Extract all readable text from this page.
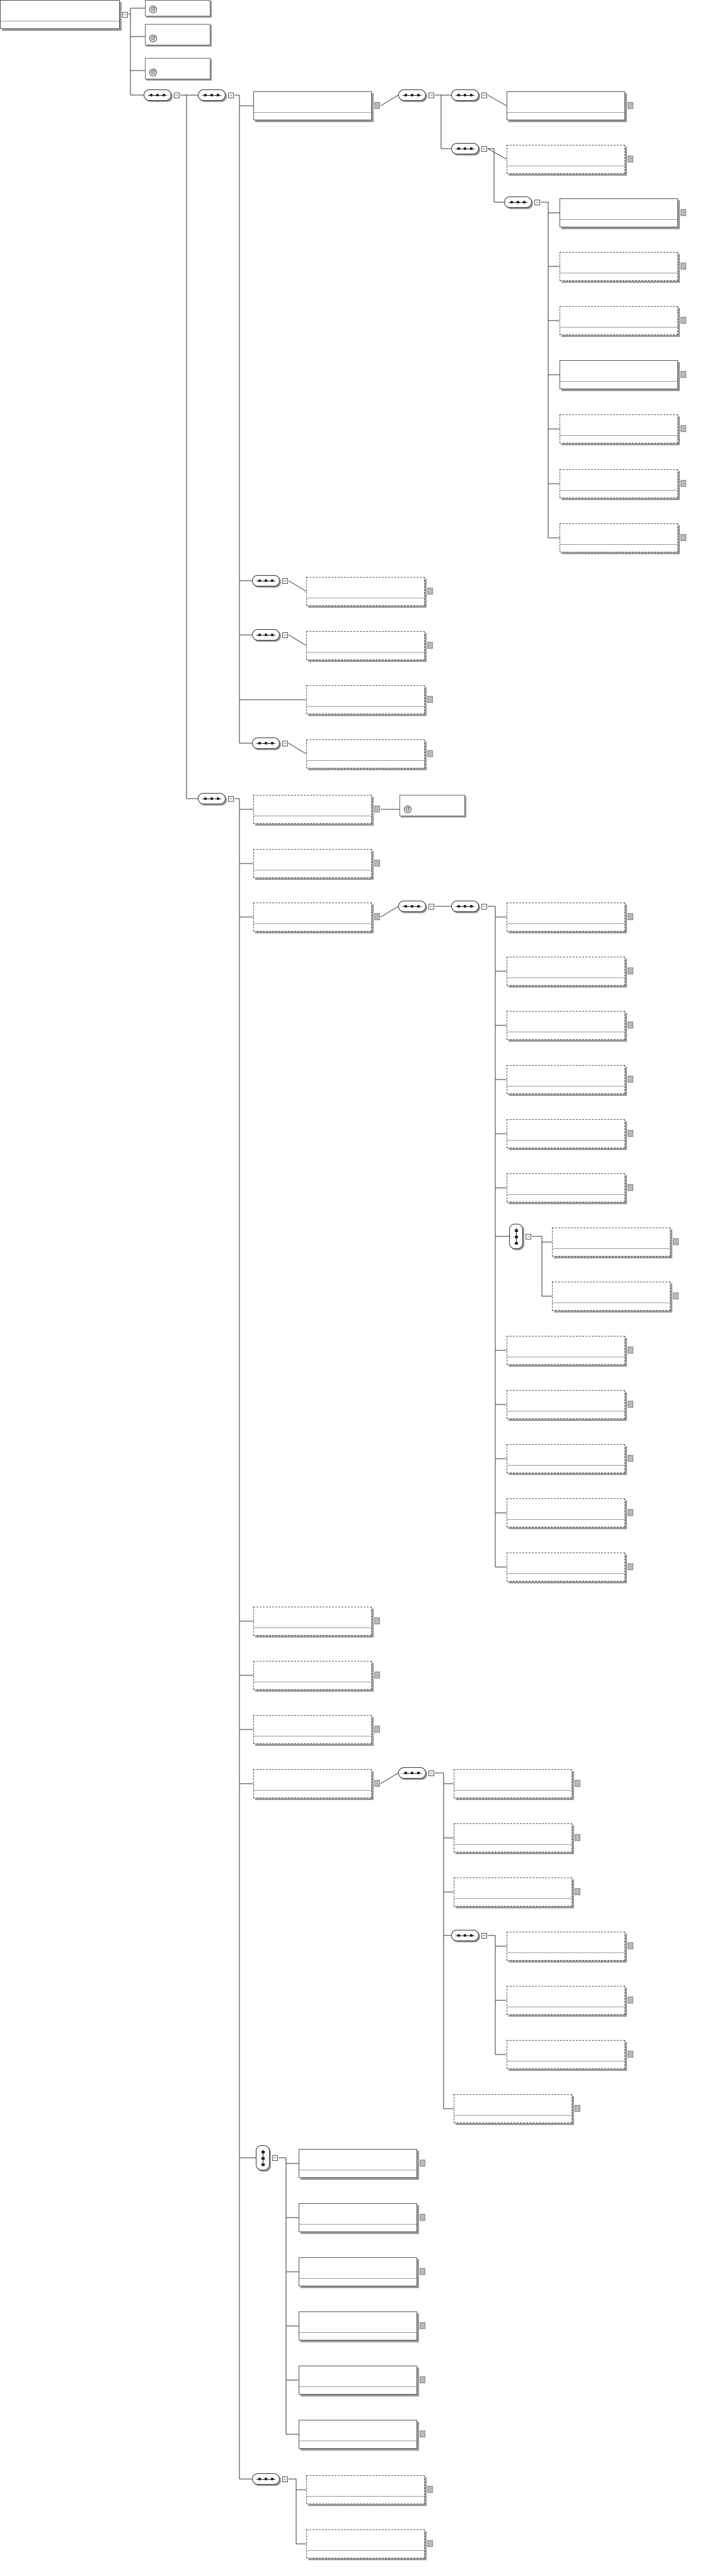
−
@
@
@
@
−	−	−	−
−
−
−
−
−
−
−	−
−
−
−
−
−
